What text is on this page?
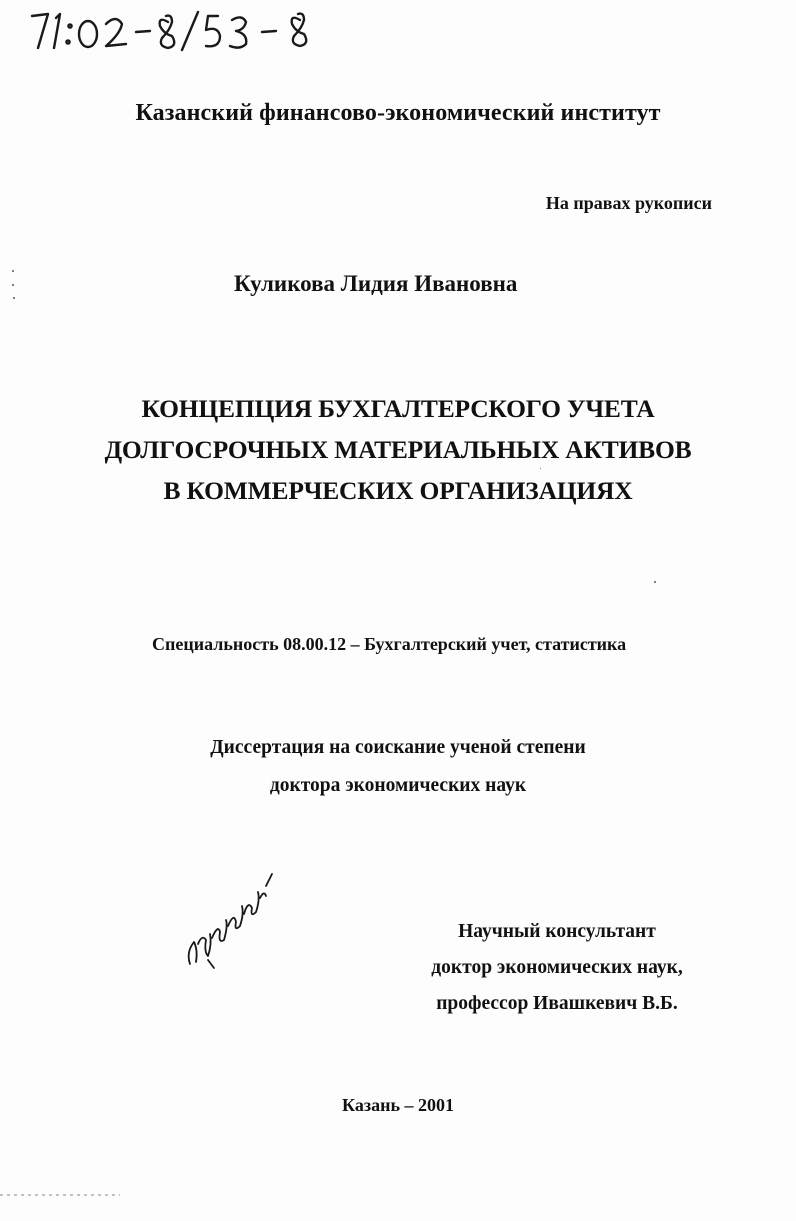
Казанский финансово-экономический институт
На правах рукописи
Куликова Лидия Ивановна
КОНЦЕПЦИЯ БУХГАЛТЕРСКОГО УЧЕТА
ДОЛГОСРОЧНЫХ МАТЕРИАЛЬНЫХ АКТИВОВ
В КОММЕРЧЕСКИХ ОРГАНИЗАЦИЯХ
Специальность 08.00.12 – Бухгалтерский учет, статистика
Диссертация на соискание ученой степени
доктора экономических наук
Научный консультант
доктор экономических наук,
профессор Ивашкевич В.Б.
Казань – 2001
